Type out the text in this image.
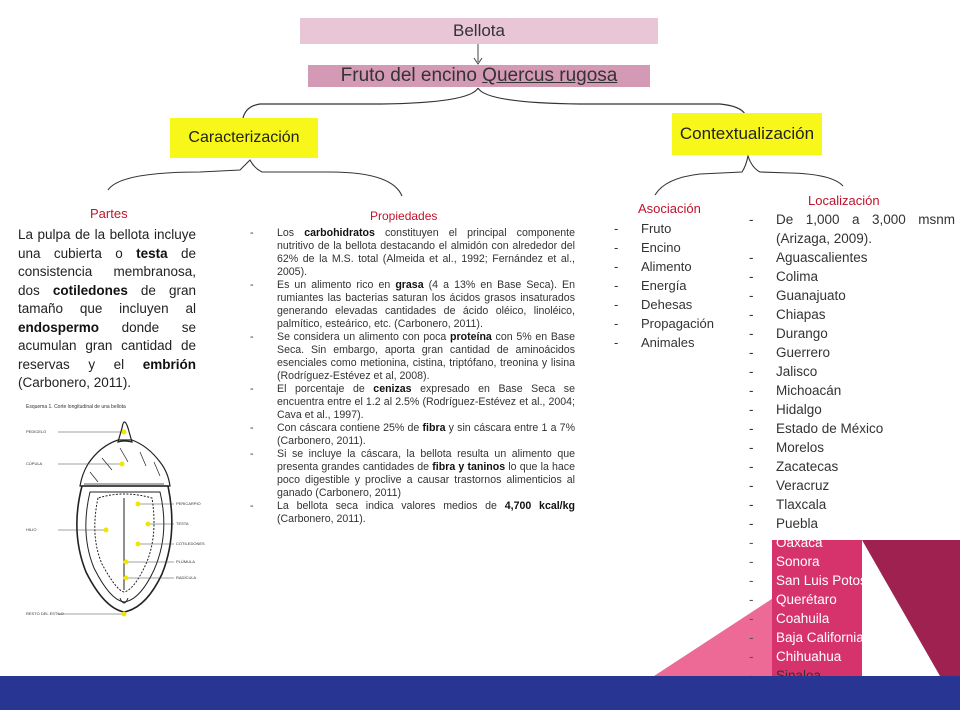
Bellota
Fruto del encino Quercus rugosa
Caracterización	Contextualización
Partes
La pulpa de la bellota incluye una cubierta o testa de consistencia membranosa, dos cotiledones de gran tamaño que incluyen al endospermo donde se acumulan gran cantidad de reservas y el embrión (Carbonero, 2011).
Esquema 1. Corte longitudinal de una bellota
PEDICELO
CÚPULA
HILIO
PERICARPIO
TESTA
COTILEDONES
PLÚMULA
RADÍCULA
RESTO DEL ESTILO
Propiedades
- Los carbohidratos constituyen el principal componente nutritivo de la bellota destacando el almidón con alrededor del 62% de la M.S. total (Almeida et al., 1992; Fernández et al., 2005).
- Es un alimento rico en grasa (4 a 13% en Base Seca). En rumiantes las bacterias saturan los ácidos grasos insaturados generando elevadas cantidades de ácido oléico, linoléico, palmítico, esteárico, etc. (Carbonero, 2011).
- Se considera un alimento con poca proteína con 5% en Base Seca. Sin embargo, aporta gran cantidad de aminoácidos esenciales como metionina, cistina, triptófano, treonina y lisina (Rodríguez-Estévez et al, 2008).
- El porcentaje de cenizas expresado en Base Seca se encuentra entre el 1.2 al 2.5% (Rodríguez-Estévez et al., 2004; Cava et al., 1997).
- Con cáscara contiene 25% de fibra y sin cáscara entre 1 a 7% (Carbonero, 2011).
- Si se incluye la cáscara, la bellota resulta un alimento que presenta grandes cantidades de fibra y taninos lo que la hace poco digestible y proclive a causar trastornos alimenticios al ganado (Carbonero, 2011)
- La bellota seca indica valores medios de 4,700 kcal/kg (Carbonero, 2011).
Asociación
- Fruto
- Encino
- Alimento
- Energía
- Dehesas
- Propagación
- Animales
Localización
- De 1,000 a 3,000 msnm (Arizaga, 2009).
- Aguascalientes
- Colima
- Guanajuato
- Chiapas
- Durango
- Guerrero
- Jalisco
- Michoacán
- Hidalgo
- Estado de México
- Morelos
- Zacatecas
- Veracruz
- Tlaxcala
- Puebla
- Oaxaca
- Sonora
- San Luis Potosí
- Querétaro
- Coahuila
- Baja California Sur
- Chihuahua
-
-
